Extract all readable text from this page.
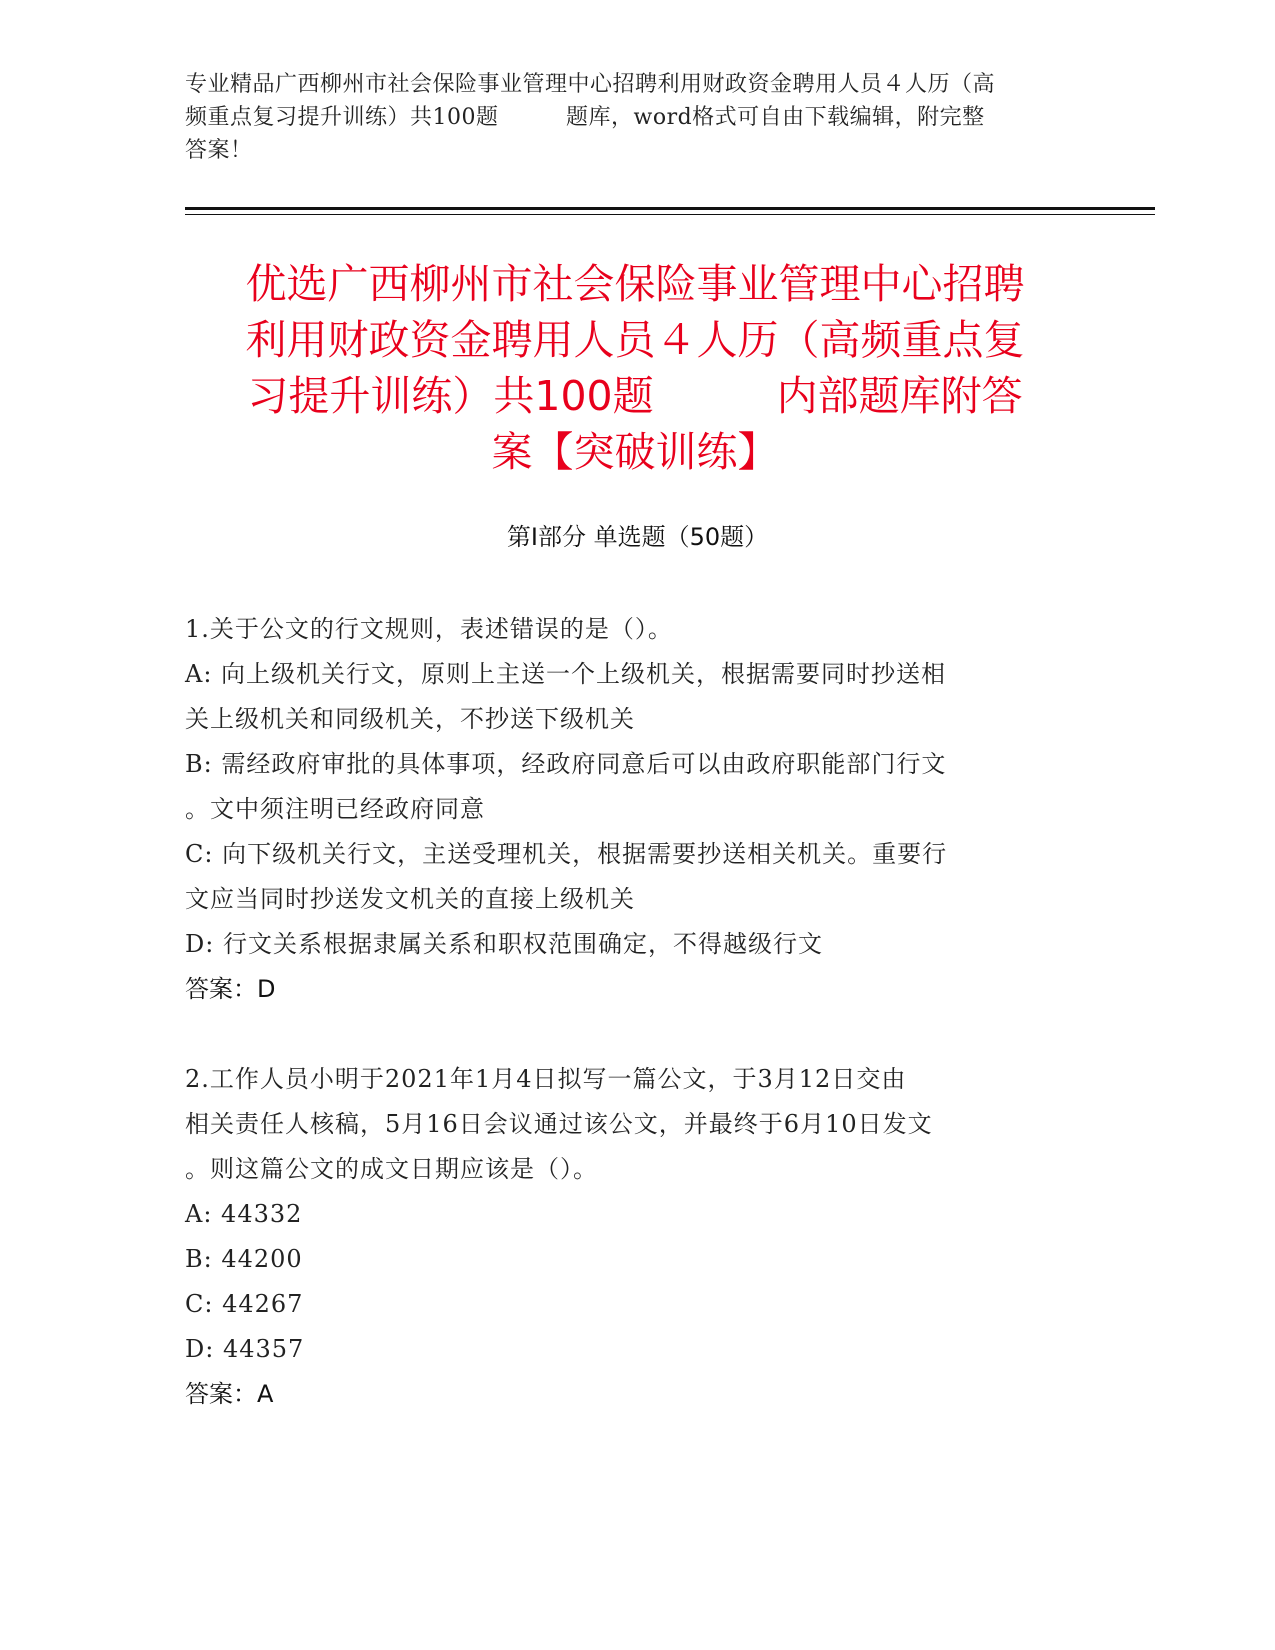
专业精品广西柳州市社会保险事业管理中心招聘利用财政资金聘用人员４人历（高
频重点复习提升训练）共100题　　　题库，word格式可自由下载编辑，附完整
答案！
优选广西柳州市社会保险事业管理中心招聘
利用财政资金聘用人员４人历（高频重点复
习提升训练）共100题　　　内部题库附答
案【突破训练】
第Ⅰ部分 单选题（50题）
1.关于公文的行文规则，表述错误的是（）。
A: 向上级机关行文，原则上主送一个上级机关，根据需要同时抄送相
关上级机关和同级机关，不抄送下级机关
B: 需经政府审批的具体事项，经政府同意后可以由政府职能部门行文
。文中须注明已经政府同意
C: 向下级机关行文，主送受理机关，根据需要抄送相关机关。重要行
文应当同时抄送发文机关的直接上级机关
D: 行文关系根据隶属关系和职权范围确定，不得越级行文
答案：D
2.工作人员小明于2021年1月4日拟写一篇公文，于3月12日交由
相关责任人核稿，5月16日会议通过该公文，并最终于6月10日发文
。则这篇公文的成文日期应该是（）。
A: 44332
B: 44200
C: 44267
D: 44357
答案：A
